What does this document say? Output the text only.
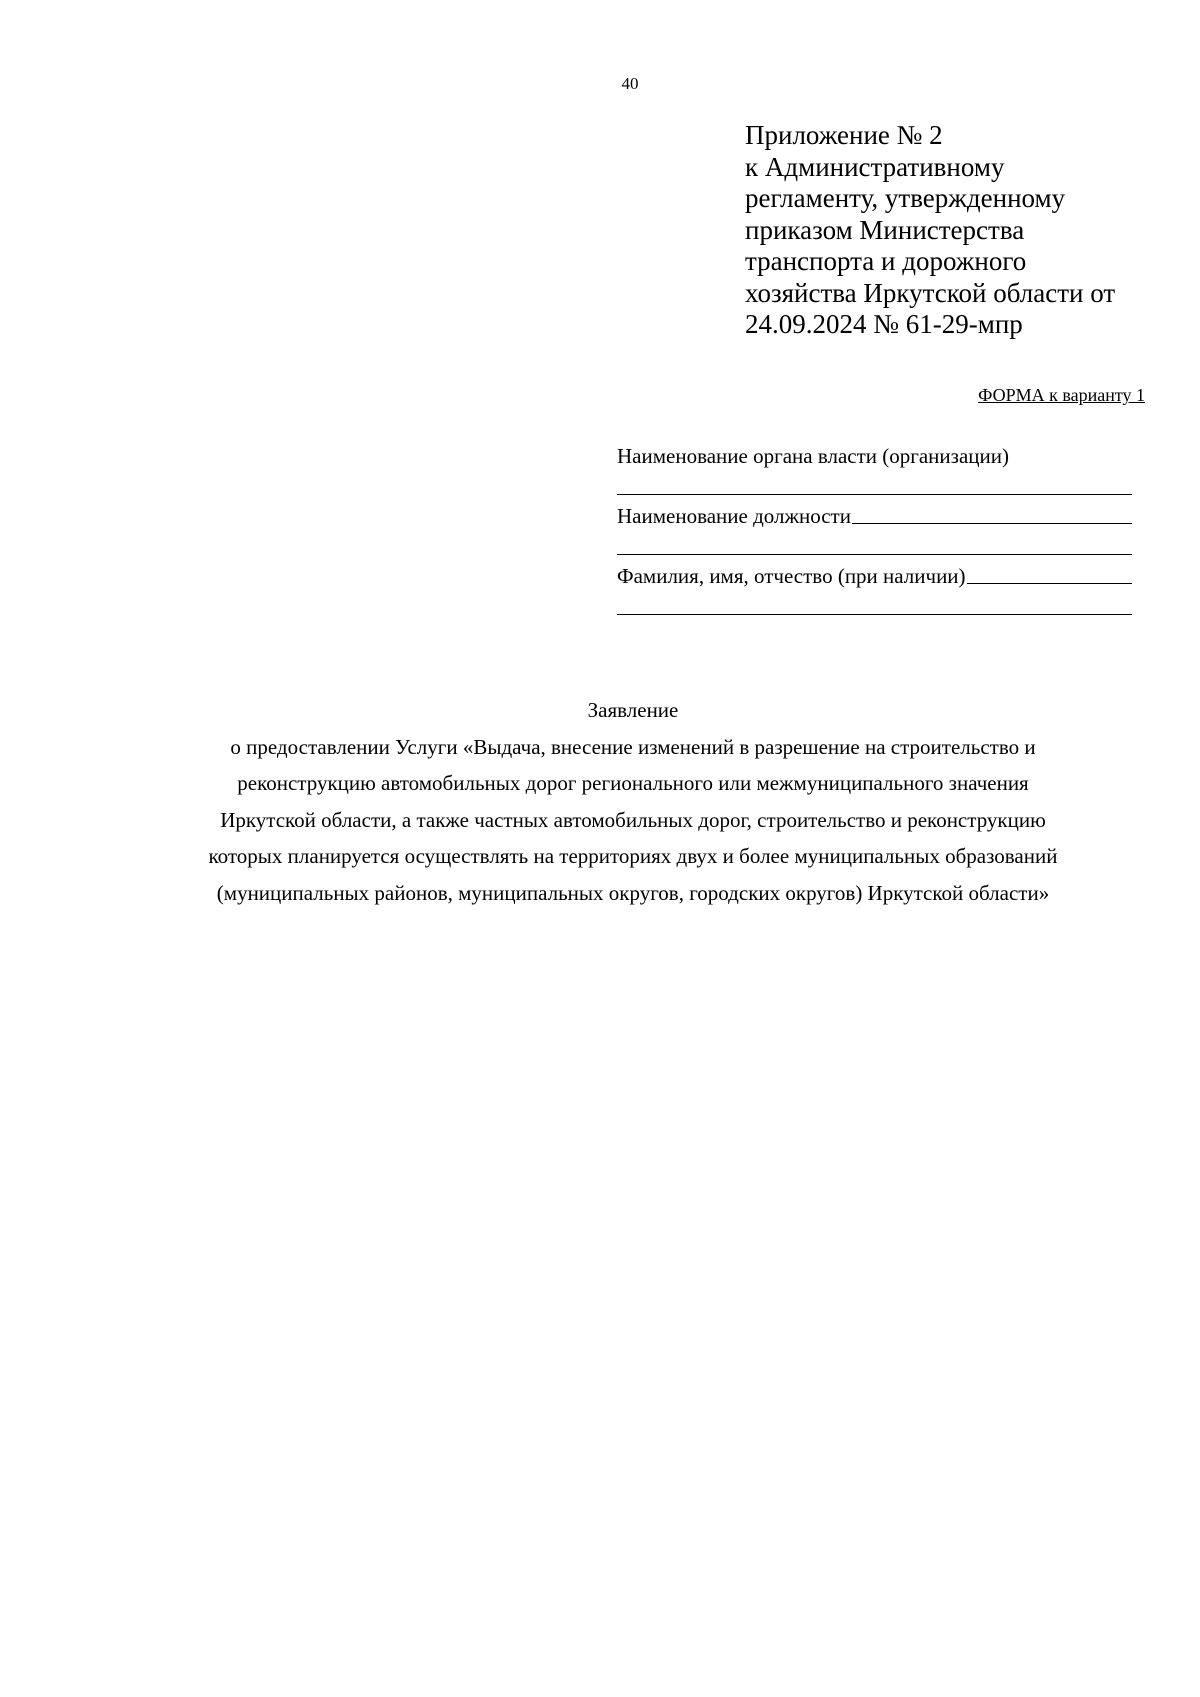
40
Приложение № 2
к Административному
регламенту, утвержденному
приказом Министерства
транспорта и дорожного
хозяйства Иркутской области от
24.09.2024 № 61-29-мпр
ФОРМА к варианту 1
Наименование органа власти (организации)
Наименование должности
Фамилия, имя, отчество (при наличии)
Заявление
о предоставлении Услуги «Выдача, внесение изменений в разрешение на строительство и
реконструкцию автомобильных дорог регионального или межмуниципального значения
Иркутской области, а также частных автомобильных дорог, строительство и реконструкцию
которых планируется осуществлять на территориях двух и более муниципальных образований
(муниципальных районов, муниципальных округов, городских округов) Иркутской области»
